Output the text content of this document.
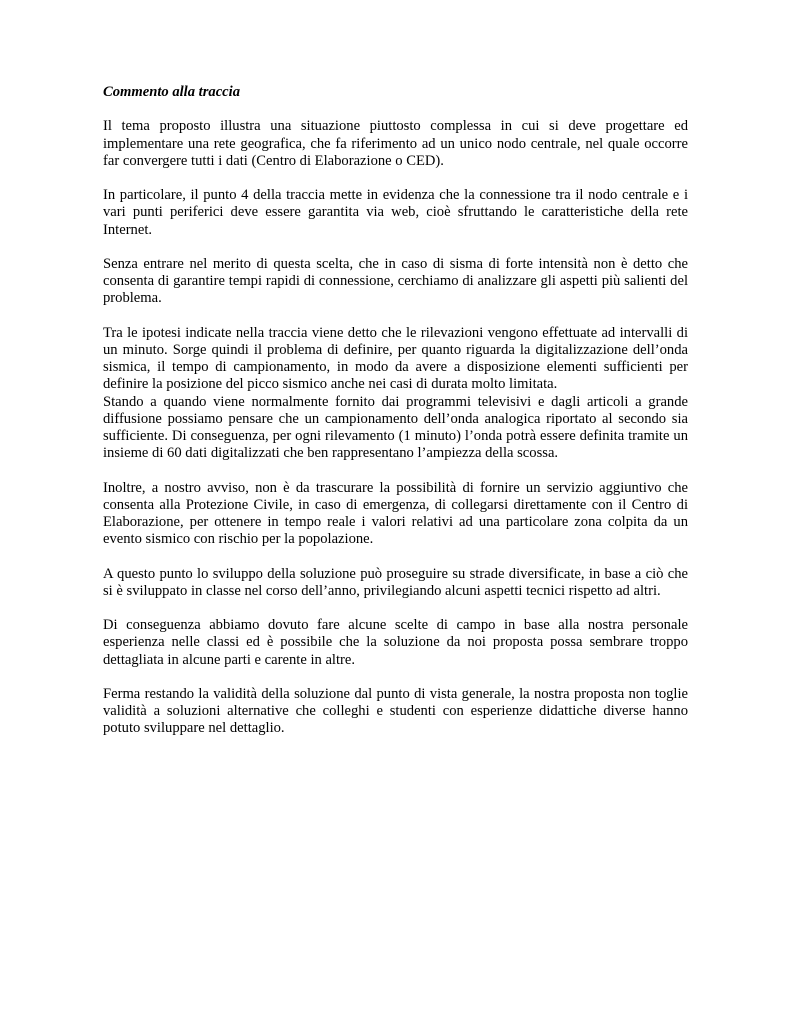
Commento alla traccia
Il tema proposto illustra una situazione piuttosto complessa in cui si deve progettare ed implementare una rete geografica, che fa riferimento ad un unico nodo centrale, nel quale occorre far convergere tutti i dati (Centro di Elaborazione o CED).
In particolare, il punto 4 della traccia mette in evidenza che la connessione tra il nodo centrale e i vari punti periferici deve essere garantita via web, cioè sfruttando le caratteristiche della rete Internet.
Senza entrare nel merito di questa scelta, che in caso di sisma di forte intensità non è detto che consenta di garantire tempi rapidi di connessione, cerchiamo di analizzare gli aspetti più salienti del problema.
Tra le ipotesi indicate nella traccia viene detto che le rilevazioni vengono effettuate ad intervalli di un minuto. Sorge quindi il problema di definire, per quanto riguarda la digitalizzazione dell’onda sismica, il tempo di campionamento, in modo da avere a disposizione elementi sufficienti per definire la posizione del picco sismico anche nei casi di durata molto limitata.
Stando a quando viene normalmente fornito dai programmi televisivi e dagli articoli a grande diffusione possiamo pensare che un campionamento dell’onda analogica riportato al secondo sia sufficiente. Di conseguenza, per ogni rilevamento (1 minuto) l’onda potrà essere definita tramite un insieme di 60 dati digitalizzati che ben rappresentano l’ampiezza della scossa.
Inoltre, a nostro avviso, non è da trascurare la possibilità di fornire un servizio aggiuntivo che consenta alla Protezione Civile, in caso di emergenza, di collegarsi direttamente con il Centro di Elaborazione, per ottenere in tempo reale i valori relativi ad una particolare zona colpita da un evento sismico con rischio per la popolazione.
A questo punto lo sviluppo della soluzione può proseguire su strade diversificate, in base a ciò che si è sviluppato in classe nel corso dell’anno, privilegiando alcuni aspetti tecnici rispetto ad altri.
Di conseguenza abbiamo dovuto fare alcune scelte di campo in base alla nostra personale esperienza nelle classi ed è possibile che la soluzione da noi proposta possa sembrare troppo dettagliata in alcune parti e carente in altre.
Ferma restando la validità della soluzione dal punto di vista generale, la nostra proposta non toglie validità a soluzioni alternative che colleghi e studenti con esperienze didattiche diverse hanno potuto sviluppare nel dettaglio.
